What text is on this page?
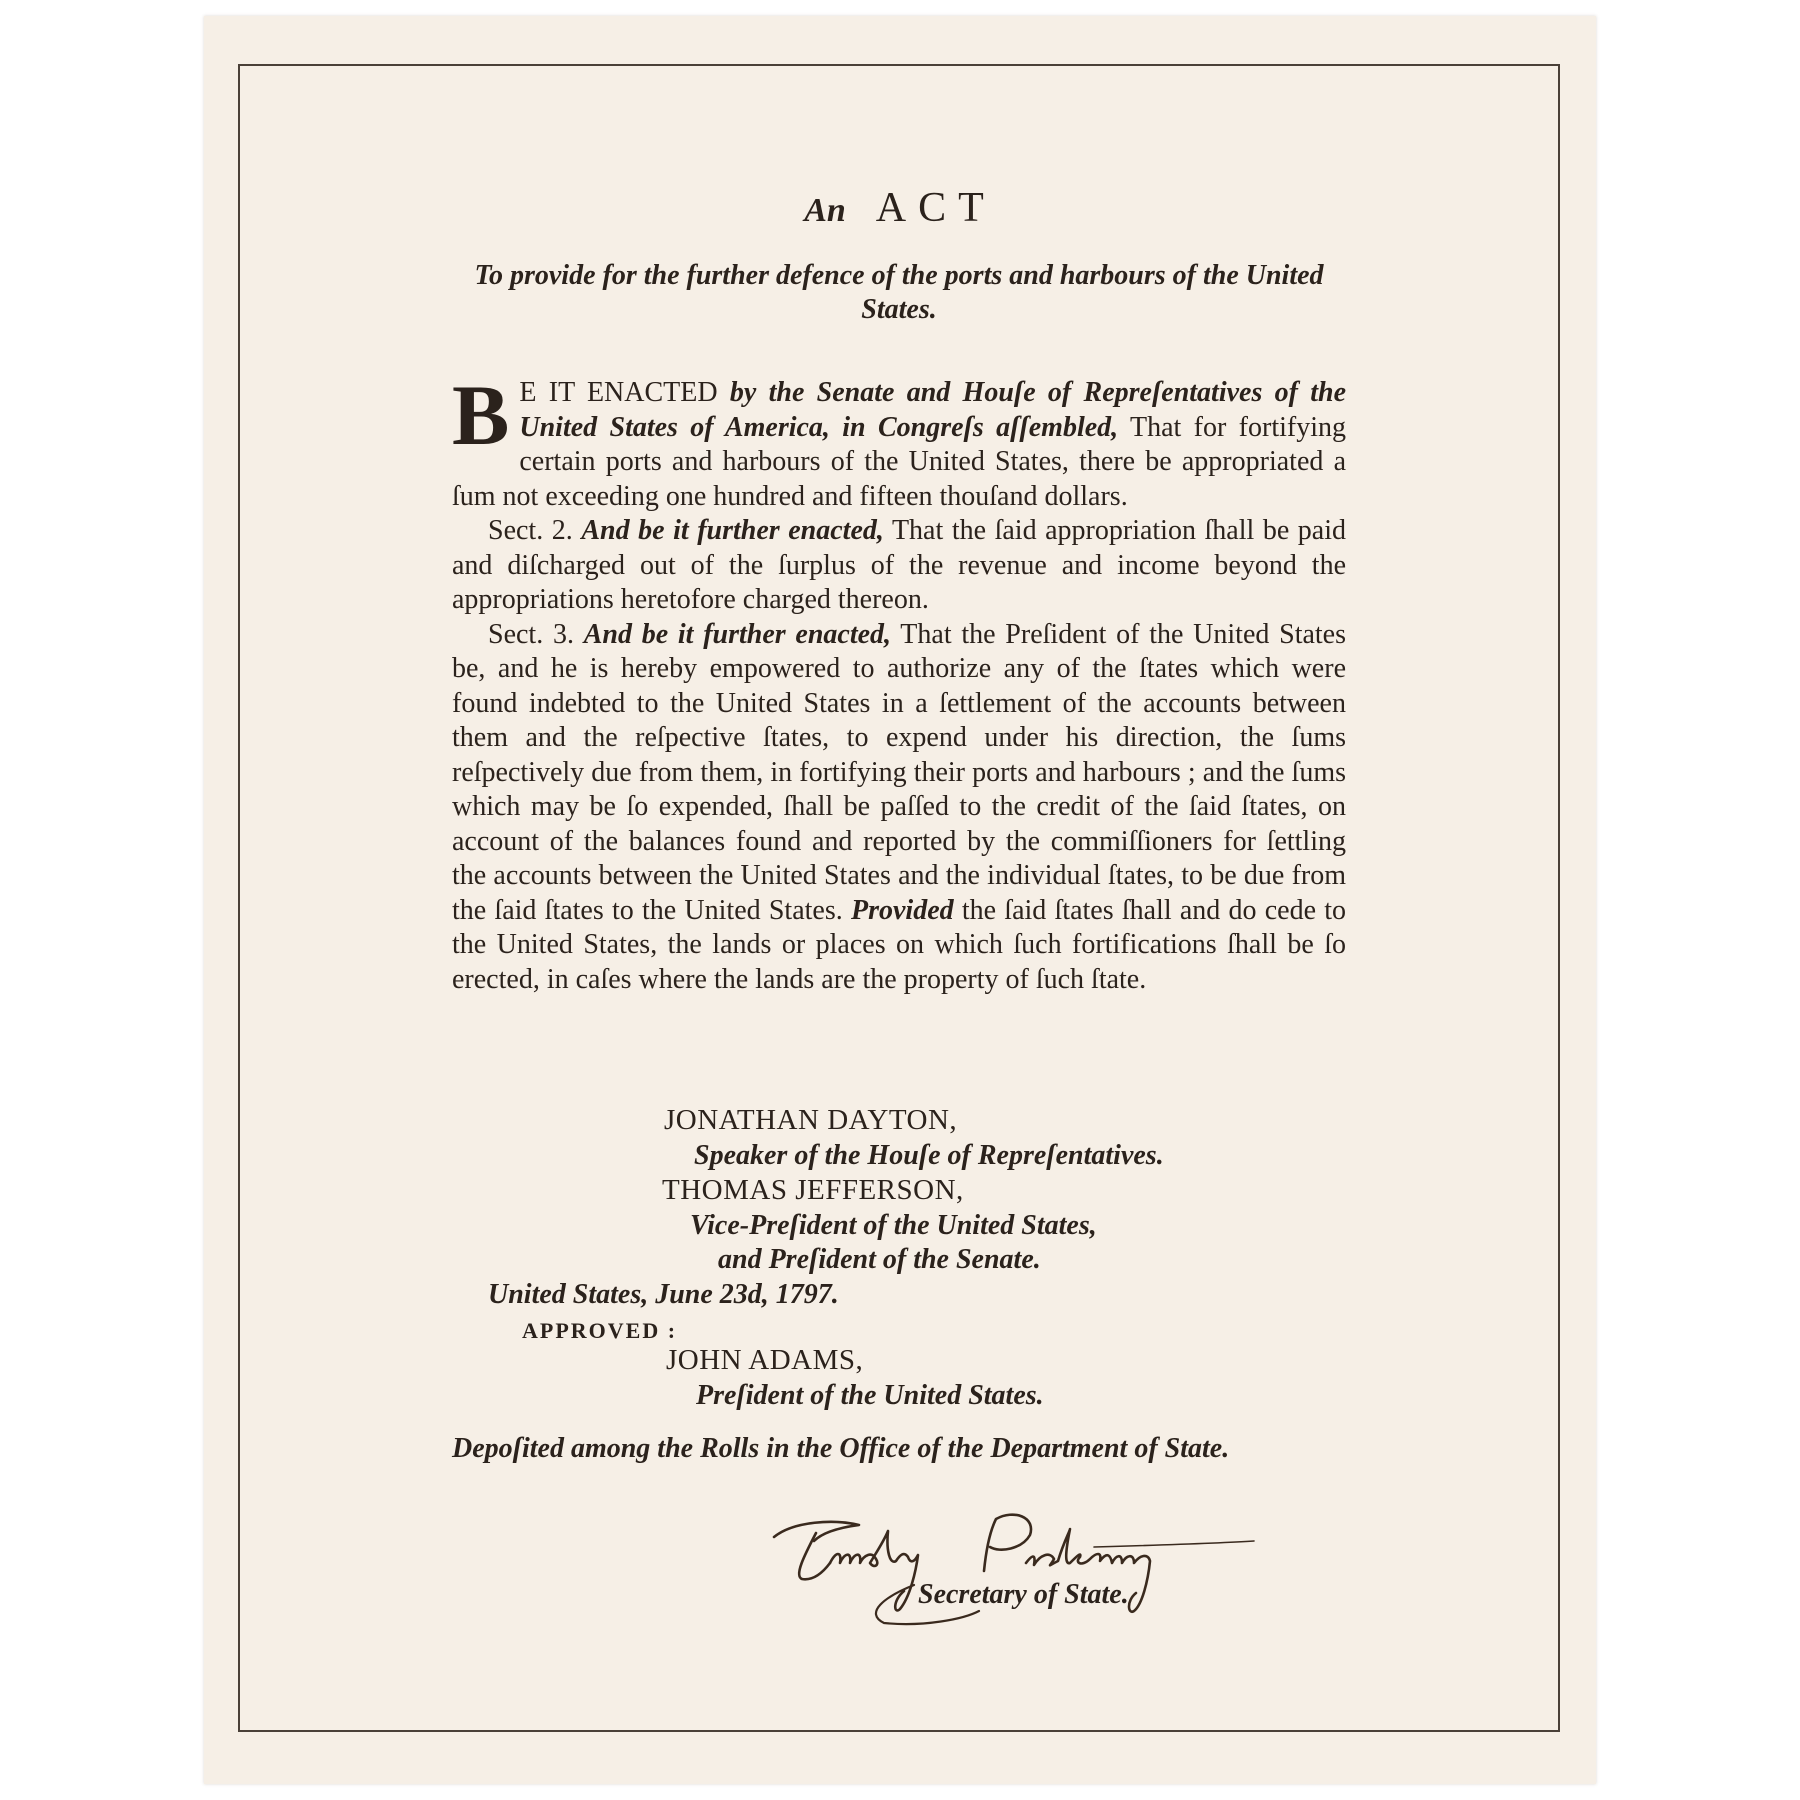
An ACT
To provide for the further defence of the ports and harbours of the United States.

B E IT ENACTED by the Senate and Houſe of Repreſentatives of the United States of America, in Congreſs aſſembled, That for fortifying certain ports and harbours of the United States, there be appropriated a ſum not exceeding one hundred and fifteen thouſand dollars.

Sect. 2. And be it further enacted, That the ſaid appropriation ſhall be paid and diſcharged out of the ſurplus of the revenue and income beyond the appropriations heretofore charged thereon.

Sect. 3. And be it further enacted, That the Preſident of the United States be, and he is hereby empowered to authorize any of the ſtates which were found indebted to the United States in a ſettlement of the accounts between them and the reſpective ſtates, to expend under his direction, the ſums reſpectively due from them, in fortifying their ports and harbours ; and the ſums which may be ſo expended, ſhall be paſſed to the credit of the ſaid ſtates, on account of the balances found and reported by the commiſſioners for ſettling the accounts between the United States and the individual ſtates, to be due from the ſaid ſtates to the United States. Provided the ſaid ſtates ſhall and do cede to the United States, the lands or places on which ſuch fortifications ſhall be ſo erected, in caſes where the lands are the property of ſuch ſtate.

JONATHAN DAYTON,
Speaker of the Houſe of Repreſentatives.
THOMAS JEFFERSON,
Vice-Preſident of the United States,
and Preſident of the Senate.
United States, June 23d, 1797.
APPROVED :
JOHN ADAMS,
Preſident of the United States.
Depoſited among the Rolls in the Office of the Department of State.
Secretary of State.
